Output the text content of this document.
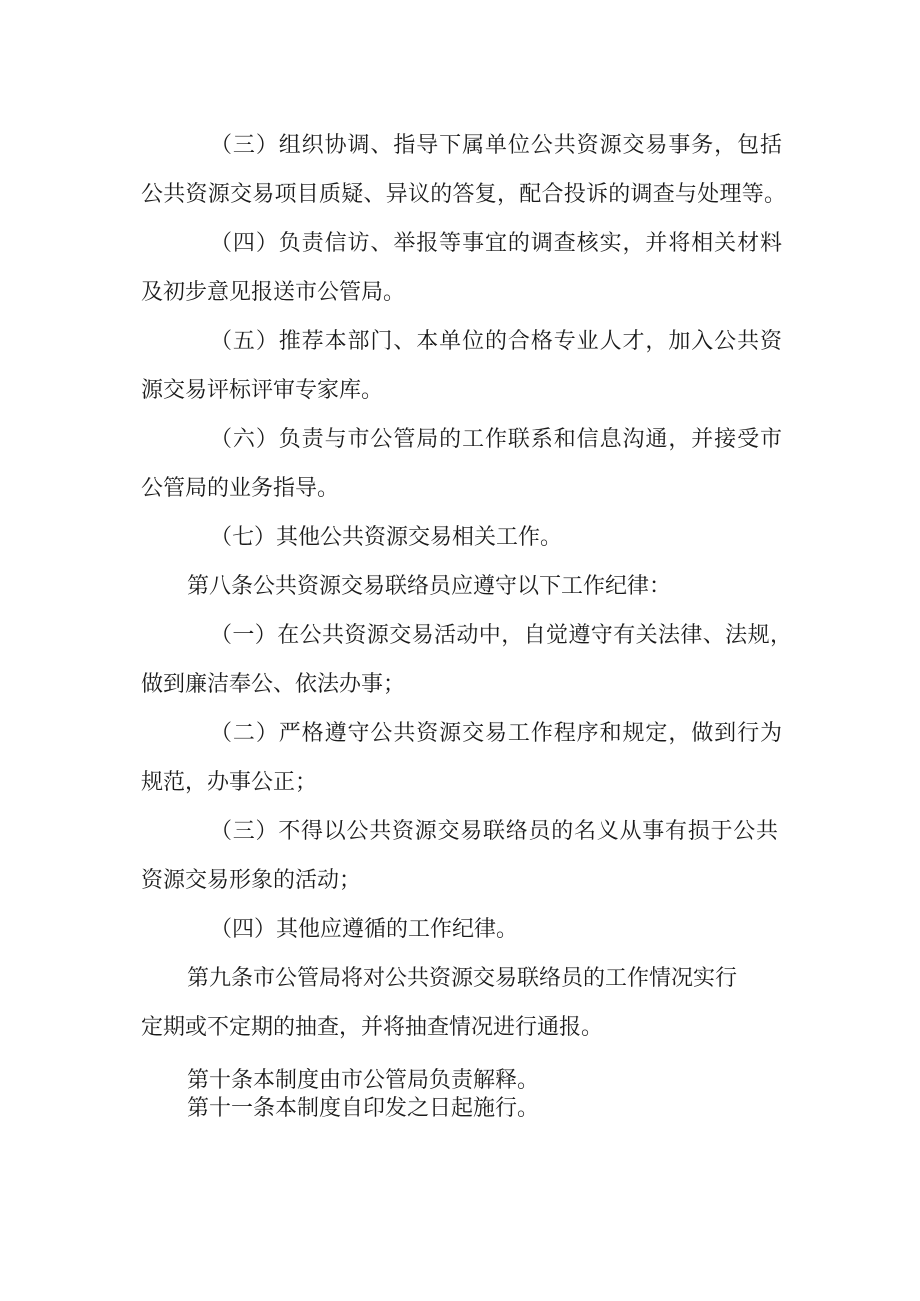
（三）组织协调、指导下属单位公共资源交易事务，包括
公共资源交易项目质疑、异议的答复，配合投诉的调查与处理等。
（四）负责信访、举报等事宜的调查核实，并将相关材料
及初步意见报送市公管局。
（五）推荐本部门、本单位的合格专业人才，加入公共资
源交易评标评审专家库。
（六）负责与市公管局的工作联系和信息沟通，并接受市
公管局的业务指导。
（七）其他公共资源交易相关工作。
第八条公共资源交易联络员应遵守以下工作纪律：
（一）在公共资源交易活动中，自觉遵守有关法律、法规，
做到廉洁奉公、依法办事；
（二）严格遵守公共资源交易工作程序和规定，做到行为
规范，办事公正；
（三）不得以公共资源交易联络员的名义从事有损于公共
资源交易形象的活动；
（四）其他应遵循的工作纪律。
第九条市公管局将对公共资源交易联络员的工作情况实行
定期或不定期的抽查，并将抽查情况进行通报。
第十条本制度由市公管局负责解释。
第十一条本制度自印发之日起施行。
